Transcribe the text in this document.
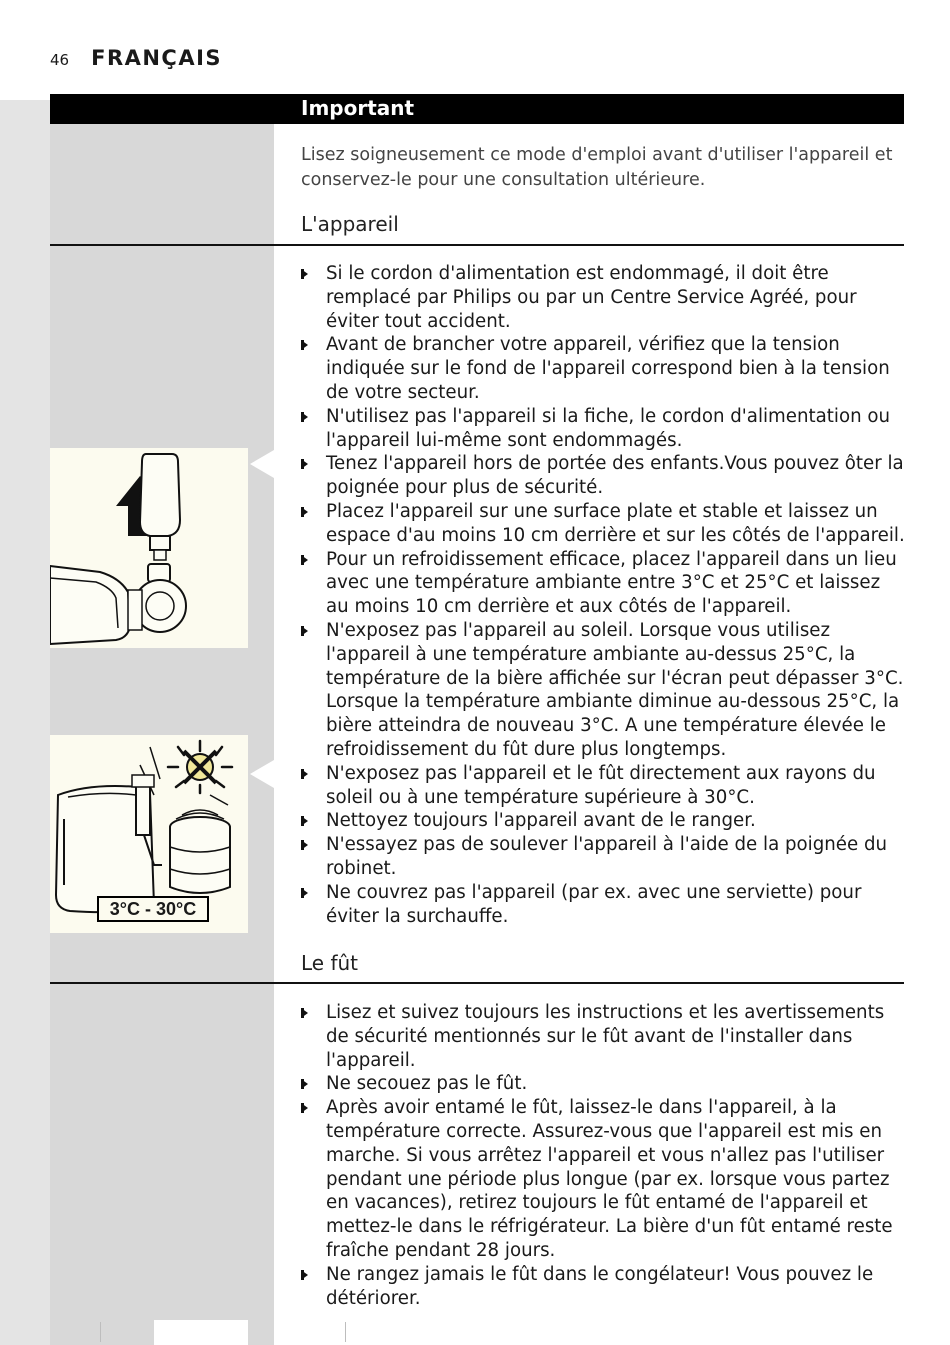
46 FRANÇAIS
Important

Lisez soigneusement ce mode d'emploi avant d'utiliser l'appareil et conservez-le pour une consultation ultérieure.

L'appareil
Si le cordon d'alimentation est endommagé, il doit être remplacé par Philips ou par un Centre Service Agréé, pour éviter tout accident.
Avant de brancher votre appareil, vérifiez que la tension indiquée sur le fond de l'appareil correspond bien à la tension de votre secteur.
N'utilisez pas l'appareil si la fiche, le cordon d'alimentation ou l'appareil lui-même sont endommagés.
Tenez l'appareil hors de portée des enfants.Vous pouvez ôter la poignée pour plus de sécurité.
Placez l'appareil sur une surface plate et stable et laissez un espace d'au moins 10 cm derrière et sur les côtés de l'appareil.
Pour un refroidissement efficace, placez l'appareil dans un lieu avec une température ambiante entre 3°C et 25°C et laissez au moins 10 cm derrière et aux côtés de l'appareil.
N'exposez pas l'appareil au soleil. Lorsque vous utilisez l'appareil à une température ambiante au-dessus 25°C, la température de la bière affichée sur l'écran peut dépasser 3°C. Lorsque la température ambiante diminue au-dessous 25°C, la bière atteindra de nouveau 3°C. A une température élevée le refroidissement du fût dure plus longtemps.
N'exposez pas l'appareil et le fût directement aux rayons du soleil ou à une température supérieure à 30°C.
Nettoyez toujours l'appareil avant de le ranger.
N'essayez pas de soulever l'appareil à l'aide de la poignée du robinet.
Ne couvrez pas l'appareil (par ex. avec une serviette) pour éviter la surchauffe.
Le fût
Lisez et suivez toujours les instructions et les avertissements de sécurité mentionnés sur le fût avant de l'installer dans l'appareil.
Ne secouez pas le fût.
Après avoir entamé le fût, laissez-le dans l'appareil, à la température correcte. Assurez-vous que l'appareil est mis en marche. Si vous arrêtez l'appareil et vous n'allez pas l'utiliser pendant une période plus longue (par ex. lorsque vous partez en vacances), retirez toujours le fût entamé de l'appareil et mettez-le dans le réfrigérateur. La bière d'un fût entamé reste fraîche pendant 28 jours.
Ne rangez jamais le fût dans le congélateur! Vous pouvez le détériorer.
3°C - 30°C
